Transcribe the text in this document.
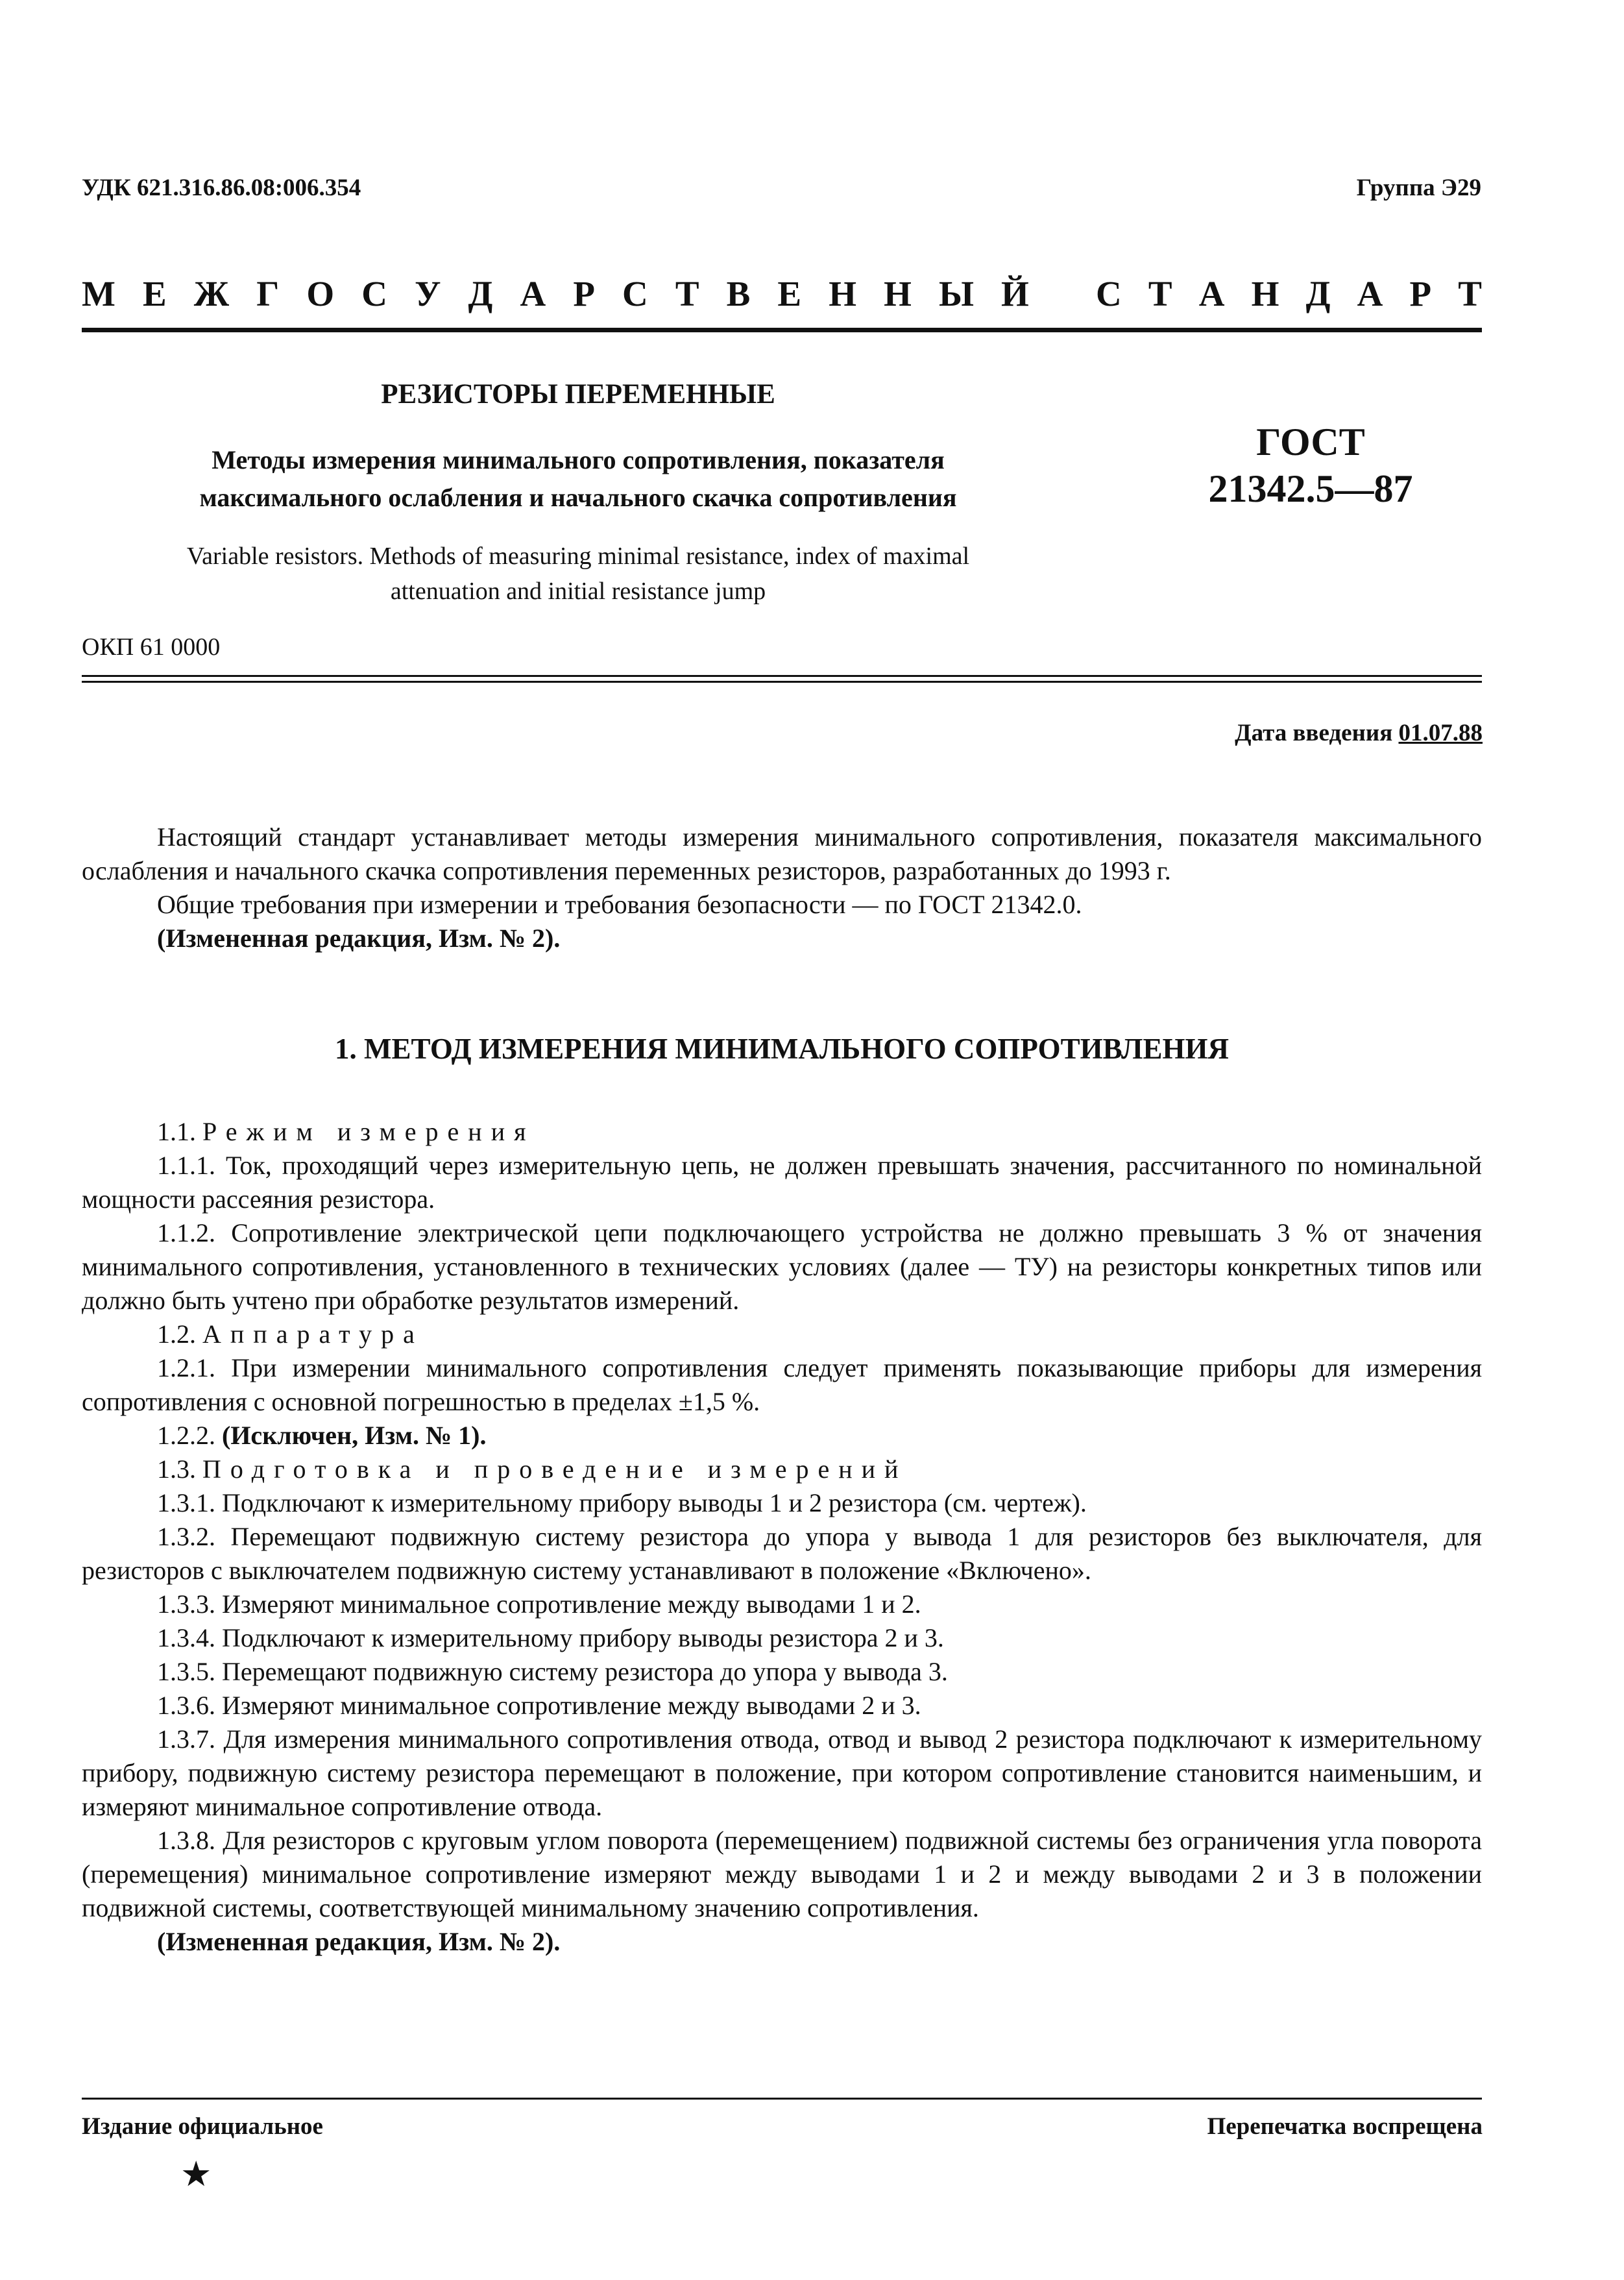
УДК 621.316.86.08:006.354	Группа Э29
М Е Ж Г О С У Д А Р С Т В Е Н Н Ы Й С Т А Н Д А Р Т
РЕЗИСТОРЫ ПЕРЕМЕННЫЕ
Методы измерения минимального сопротивления, показателя
максимального ослабления и начального скачка сопротивления
ГОСТ
21342.5—87
Variable resistors. Methods of measuring minimal resistance, index of maximal
attenuation and initial resistance jump
ОКП 61 0000
Дата введения 01.07.88

Настоящий стандарт устанавливает методы измерения минимального сопротивления, показателя максимального ослабления и начального скачка сопротивления переменных резисторов, разработанных до 1993 г.

Общие требования при измерении и требования безопасности — по ГОСТ 21342.0.

(Измененная редакция, Изм. № 2).

1. МЕТОД ИЗМЕРЕНИЯ МИНИМАЛЬНОГО СОПРОТИВЛЕНИЯ

1.1. Режим измерения

1.1.1. Ток, проходящий через измерительную цепь, не должен превышать значения, рассчитанного по номинальной мощности рассеяния резистора.

1.1.2. Сопротивление электрической цепи подключающего устройства не должно превышать 3 % от значения минимального сопротивления, установленного в технических условиях (далее — ТУ) на резисторы конкретных типов или должно быть учтено при обработке результатов измерений.

1.2. Аппаратура

1.2.1. При измерении минимального сопротивления следует применять показывающие приборы для измерения сопротивления с основной погрешностью в пределах ±1,5 %.

1.2.2. (Исключен, Изм. № 1).

1.3. Подготовка и проведение измерений

1.3.1. Подключают к измерительному прибору выводы 1 и 2 резистора (см. чертеж).

1.3.2. Перемещают подвижную систему резистора до упора у вывода 1 для резисторов без выключателя, для резисторов с выключателем подвижную систему устанавливают в положение «Включено».

1.3.3. Измеряют минимальное сопротивление между выводами 1 и 2.

1.3.4. Подключают к измерительному прибору выводы резистора 2 и 3.

1.3.5. Перемещают подвижную систему резистора до упора у вывода 3.

1.3.6. Измеряют минимальное сопротивление между выводами 2 и 3.

1.3.7. Для измерения минимального сопротивления отвода, отвод и вывод 2 резистора подключают к измерительному прибору, подвижную систему резистора перемещают в положение, при котором сопротивление становится наименьшим, и измеряют минимальное сопротивление отвода.

1.3.8. Для резисторов с круговым углом поворота (перемещением) подвижной системы без ограничения угла поворота (перемещения) минимальное сопротивление измеряют между выводами 1 и 2 и между выводами 2 и 3 в положении подвижной системы, соответствующей минимальному значению сопротивления.

(Измененная редакция, Изм. № 2).

Издание официальное	Перепечатка воспрещена
★
